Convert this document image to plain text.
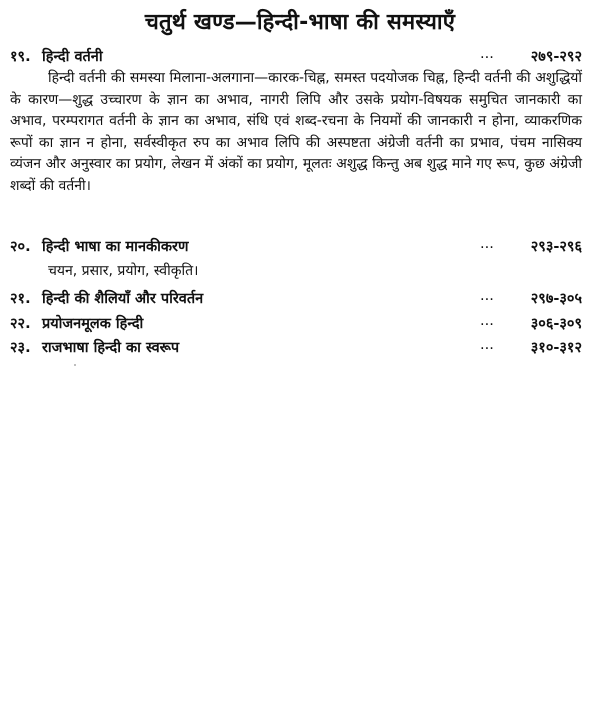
चतुर्थ खण्ड—हिन्दी-भाषा की समस्याएँ
१९. हिन्दी वर्तनी	...	२७९-२९२
हिन्दी वर्तनी की समस्या मिलाना-अलगाना—कारक-चिह्न, समस्त पदयोजक चिह्न, हिन्दी वर्तनी की अशुद्धियों के कारण—शुद्ध उच्चारण के ज्ञान का अभाव, नागरी लिपि और उसके प्रयोग-विषयक समुचित जानकारी का अभाव, परम्परागत वर्तनी के ज्ञान का अभाव, संधि एवं शब्द-रचना के नियमों की जानकारी न होना, व्याकरणिक रूपों का ज्ञान न होना, सर्वस्वीकृत रुप का अभाव लिपि की अस्पष्टता अंग्रेजी वर्तनी का प्रभाव, पंचम नासिक्य व्यंजन और अनुस्वार का प्रयोग, लेखन में अंकों का प्रयोग, मूलतः अशुद्ध किन्तु अब शुद्ध माने गए रूप, कुछ अंग्रेजी शब्दों की वर्तनी।
२०. हिन्दी भाषा का मानकीकरण	...	२९३-२९६
चयन, प्रसार, प्रयोग, स्वीकृति।
२१. हिन्दी की शैलियाँ और परिवर्तन	...	२९७-३०५
२२. प्रयोजनमूलक हिन्दी	...	३०६-३०९
२३. राजभाषा हिन्दी का स्वरूप	...	३१०-३१२
